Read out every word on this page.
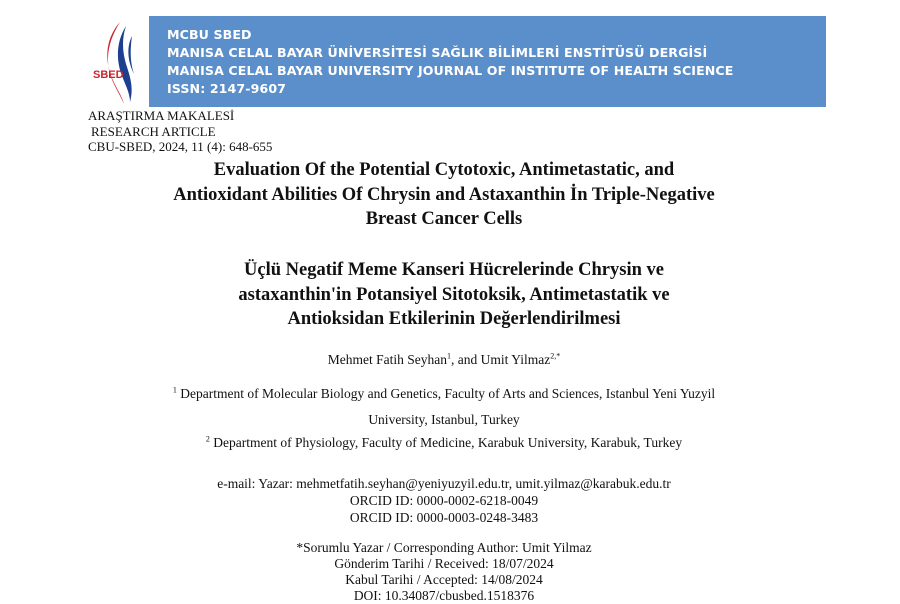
SBED
MCBU SBED
MANISA CELAL BAYAR ÜNİVERSİTESİ SAĞLIK BİLİMLERİ ENSTİTÜSÜ DERGİSİ
MANISA CELAL BAYAR UNIVERSITY JOURNAL OF INSTITUTE OF HEALTH SCIENCE
ISSN: 2147-9607
ARAŞTIRMA MAKALESİ
RESEARCH ARTICLE
CBU-SBED, 2024, 11 (4): 648-655
Evaluation Of the Potential Cytotoxic, Antimetastatic, and
Antioxidant Abilities Of Chrysin and Astaxanthin İn Triple-Negative
Breast Cancer Cells
Üçlü Negatif Meme Kanseri Hücrelerinde Chrysin ve
astaxanthin'in Potansiyel Sitotoksik, Antimetastatik ve
Antioksidan Etkilerinin Değerlendirilmesi
Mehmet Fatih Seyhan$^1$, and Umit Yilmaz$^{2,*}$
$^1$ Department of Molecular Biology and Genetics, Faculty of Arts and Sciences, Istanbul Yeni Yuzyil
University, Istanbul, Turkey
$^2$ Department of Physiology, Faculty of Medicine, Karabuk University, Karabuk, Turkey
e-mail: Yazar: mehmetfatih.seyhan@yeniyuzyil.edu.tr, umit.yilmaz@karabuk.edu.tr
ORCID ID: 0000-0002-6218-0049
ORCID ID: 0000-0003-0248-3483
*Sorumlu Yazar / Corresponding Author: Umit Yilmaz
Gönderim Tarihi / Received: 18/07/2024
Kabul Tarihi / Accepted: 14/08/2024
DOI: 10.34087/cbusbed.1518376
